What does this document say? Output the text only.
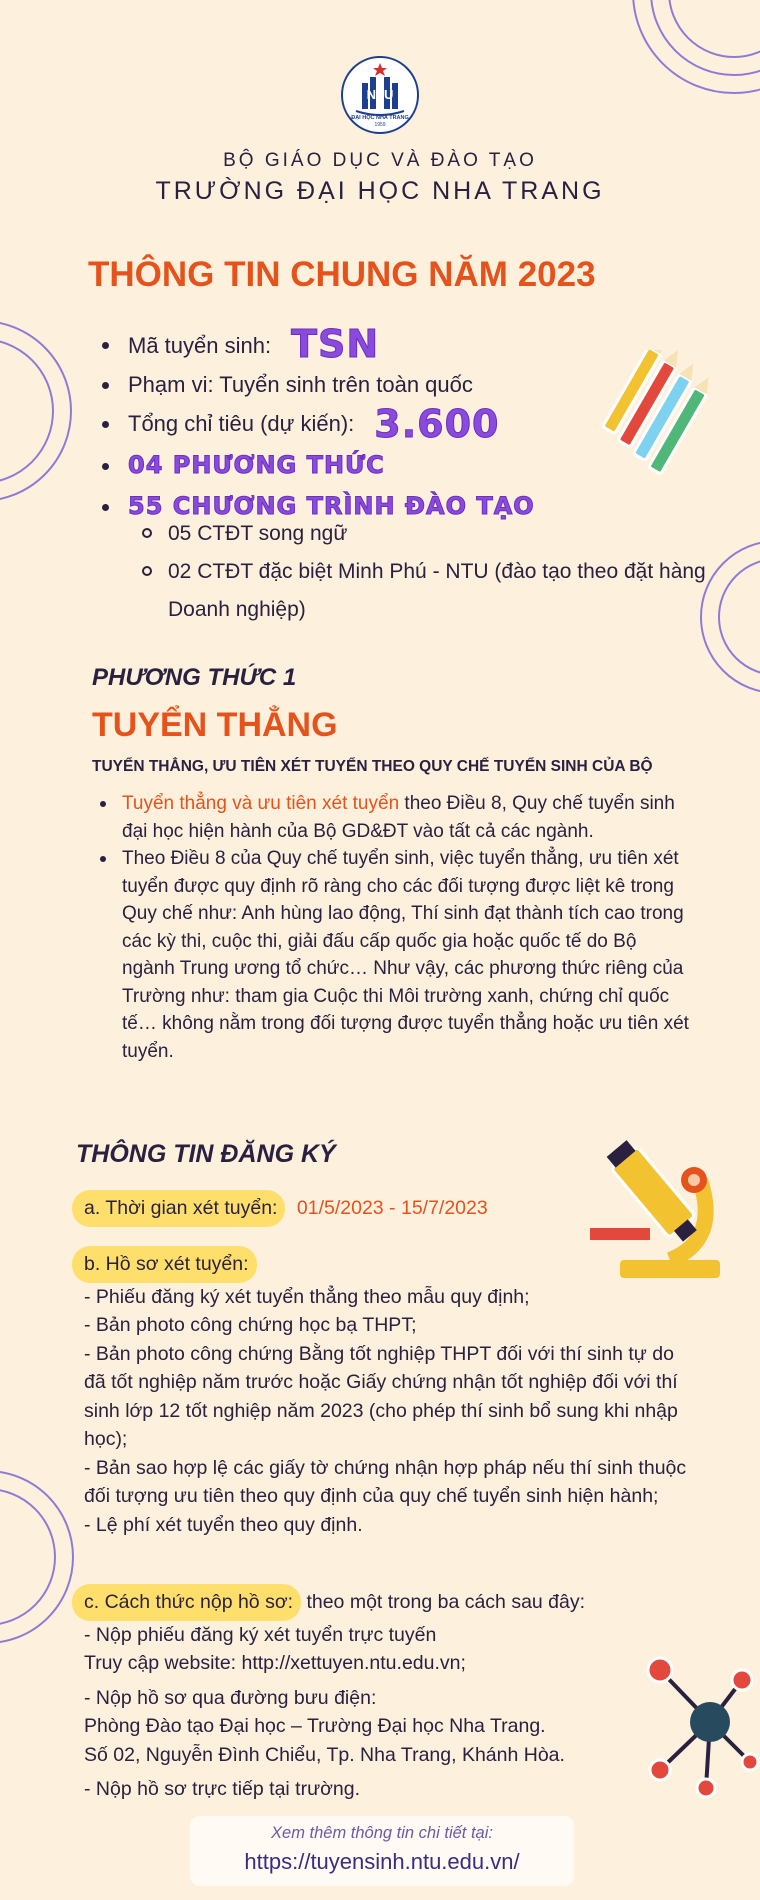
NTU
ĐẠI HỌC NHA TRANG
1959
BỘ GIÁO DỤC VÀ ĐÀO TẠO
TRƯỜNG ĐẠI HỌC NHA TRANG
THÔNG TIN CHUNG NĂM 2023
Mã tuyển sinh: TSN
Phạm vi: Tuyển sinh trên toàn quốc
Tổng chỉ tiêu (dự kiến): 3.600
04 PHƯƠNG THỨC
55 CHƯƠNG TRÌNH ĐÀO TẠO
05 CTĐT song ngữ
02 CTĐT đặc biệt Minh Phú - NTU (đào tạo theo đặt hàng Doanh nghiệp)
PHƯƠNG THỨC 1
TUYỂN THẲNG
TUYỂN THẲNG, ƯU TIÊN XÉT TUYỂN THEO QUY CHẾ TUYỂN SINH CỦA BỘ
Tuyển thẳng và ưu tiên xét tuyển theo Điều 8, Quy chế tuyển sinh đại học hiện hành của Bộ GD&ĐT vào tất cả các ngành.
Theo Điều 8 của Quy chế tuyển sinh, việc tuyển thẳng, ưu tiên xét tuyển được quy định rõ ràng cho các đối tượng được liệt kê trong Quy chế như: Anh hùng lao động, Thí sinh đạt thành tích cao trong các kỳ thi, cuộc thi, giải đấu cấp quốc gia hoặc quốc tế do Bộ ngành Trung ương tổ chức… Như vậy, các phương thức riêng của Trường như: tham gia Cuộc thi Môi trường xanh, chứng chỉ quốc tế… không nằm trong đối tượng được tuyển thẳng hoặc ưu tiên xét tuyển.
THÔNG TIN ĐĂNG KÝ
a. Thời gian xét tuyển: 01/5/2023 - 15/7/2023
b. Hồ sơ xét tuyển:
- Phiếu đăng ký xét tuyển thẳng theo mẫu quy định;
- Bản photo công chứng học bạ THPT;
- Bản photo công chứng Bằng tốt nghiệp THPT đối với thí sinh tự do đã tốt nghiệp năm trước hoặc Giấy chứng nhận tốt nghiệp đối với thí sinh lớp 12 tốt nghiệp năm 2023 (cho phép thí sinh bổ sung khi nhập học);
- Bản sao hợp lệ các giấy tờ chứng nhận hợp pháp nếu thí sinh thuộc đối tượng ưu tiên theo quy định của quy chế tuyển sinh hiện hành;
- Lệ phí xét tuyển theo quy định.
c. Cách thức nộp hồ sơ: theo một trong ba cách sau đây:
- Nộp phiếu đăng ký xét tuyển trực tuyến
Truy cập website: http://xettuyen.ntu.edu.vn;
- Nộp hồ sơ qua đường bưu điện:
Phòng Đào tạo Đại học – Trường Đại học Nha Trang.
Số 02, Nguyễn Đình Chiểu, Tp. Nha Trang, Khánh Hòa.
- Nộp hồ sơ trực tiếp tại trường.
Xem thêm thông tin chi tiết tại:
https://tuyensinh.ntu.edu.vn/
